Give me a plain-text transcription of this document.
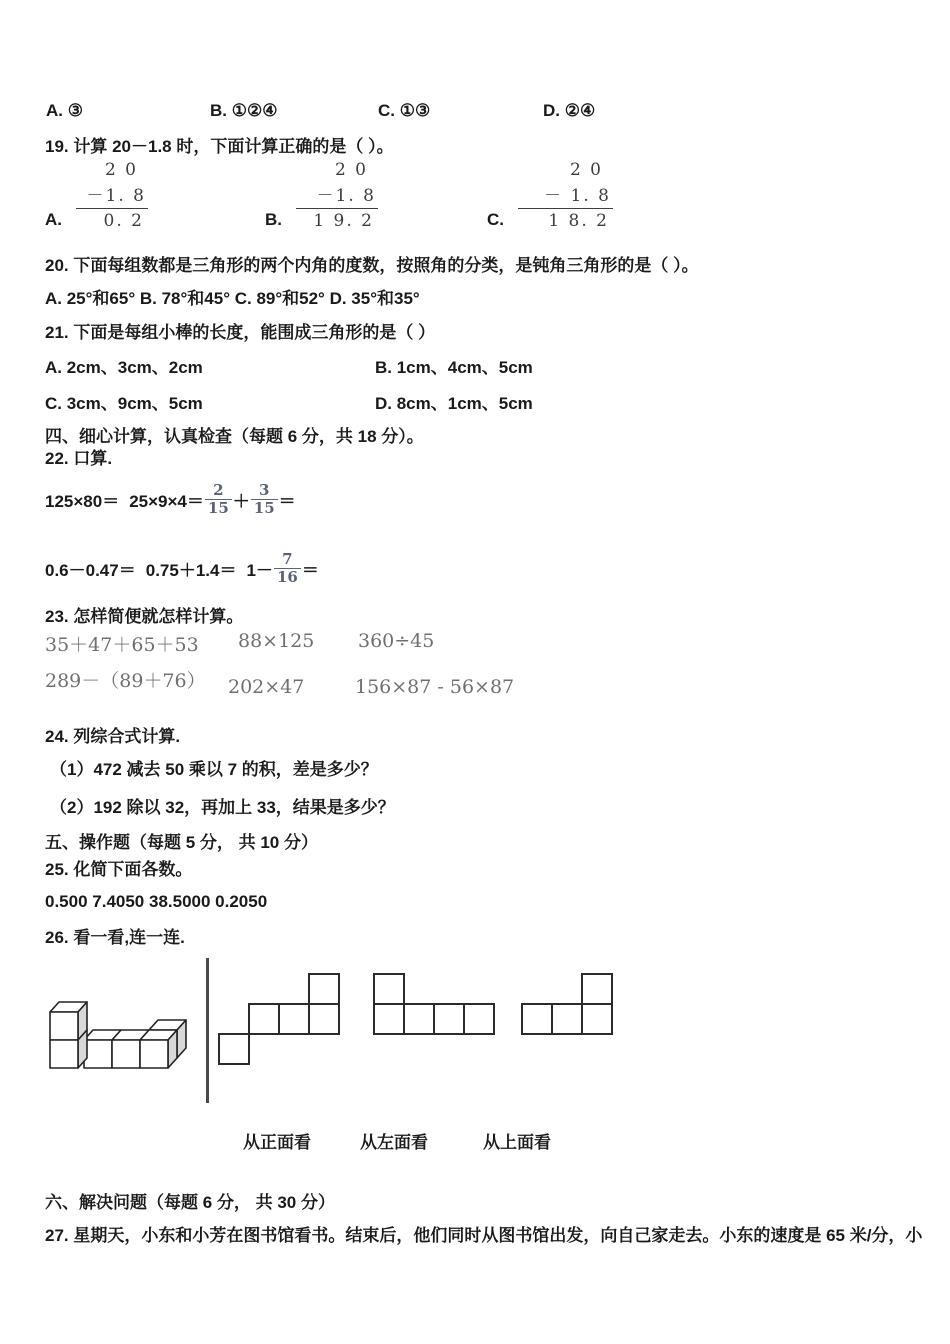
A. ③	B. ①②④	C. ①③	D. ②④
19. 计算 20－1.8 时，下面计算正确的是（ ）。
A.
2 0
－1. 8
0. 2	B.
2 0
－1. 8
1 9. 2	C.
2 0
－ 1. 8
1 8. 2
20. 下面每组数都是三角形的两个内角的度数，按照角的分类，是钝角三角形的是（ ）。
A. 25°和65° B. 78°和45° C. 89°和52° D. 35°和35°
21. 下面是每组小棒的长度，能围成三角形的是（ ）
A. 2cm、3cm、2cm	B. 1cm、4cm、5cm
C. 3cm、9cm、5cm	D. 8cm、1cm、5cm
四、细心计算，认真检查（每题 6 分，共 18 分）。
22. 口算.
$125\times 80= 25\times 9\times 4= \frac{2}{15} + \frac{3}{15}$ ＝
$0.6-0.47= 0.75+1.4= 1- \frac{7}{16}$ ＝
23. 怎样简便就怎样计算。
35＋47＋65＋53 88×125 360÷45
289－（89＋76） 202×47	156×87 - 56×87
24. 列综合式计算.
（1）472 减去 50 乘以 7 的积，差是多少？
（2）192 除以 32，再加上 33，结果是多少？
五、操作题（每题 5 分， 共 10 分）
25. 化简下面各数。
0.500 7.4050 38.5000 0.2050
26. 看一看,连一连.
从正面看	从左面看	从上面看
六、解决问题（每题 6 分， 共 30 分）
27. 星期天，小东和小芳在图书馆看书。结束后，他们同时从图书馆出发，向自己家走去。小东的速度是 65 米/分，小
